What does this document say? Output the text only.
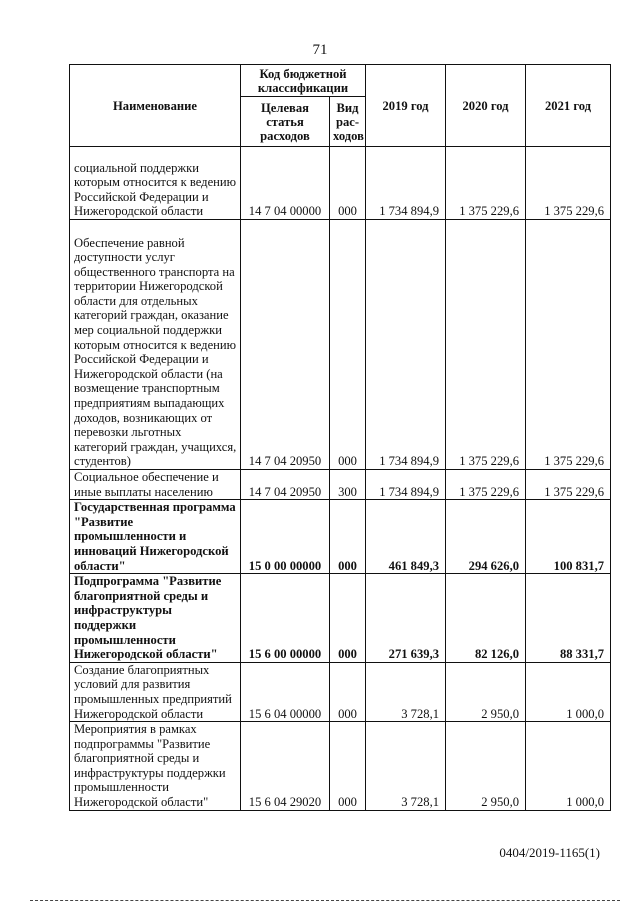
71
Наименование	Код бюджетной классификации		2019 год	2020 год	2021 год
	Целевая статья расходов	Вид рас-ходов			
социальной поддержки которым относится к ведению Российской Федерации и Нижегородской области	14 7 04 00000	000	1 734 894,9	1 375 229,6	1 375 229,6
Обеспечение равной доступности услуг общественного транспорта на территории Нижегородской области для отдельных категорий граждан, оказание мер социальной поддержки которым относится к ведению Российской Федерации и Нижегородской области (на возмещение транспортным предприятиям выпадающих доходов, возникающих от перевозки льготных категорий граждан, учащихся, студентов)	14 7 04 20950	000	1 734 894,9	1 375 229,6	1 375 229,6
Социальное обеспечение и иные выплаты населению	14 7 04 20950	300	1 734 894,9	1 375 229,6	1 375 229,6
Государственная программа "Развитие промышленности и инноваций Нижегородской области"	15 0 00 00000	000	461 849,3	294 626,0	100 831,7
Подпрограмма "Развитие благоприятной среды и инфраструктуры поддержки промышленности Нижегородской области"	15 6 00 00000	000	271 639,3	82 126,0	88 331,7
Создание благоприятных условий для развития промышленных предприятий Нижегородской области	15 6 04 00000	000	3 728,1	2 950,0	1 000,0
Мероприятия в рамках подпрограммы "Развитие благоприятной среды и инфраструктуры поддержки промышленности Нижегородской области"	15 6 04 29020	000	3 728,1	2 950,0	1 000,0
0404/2019-1165(1)
